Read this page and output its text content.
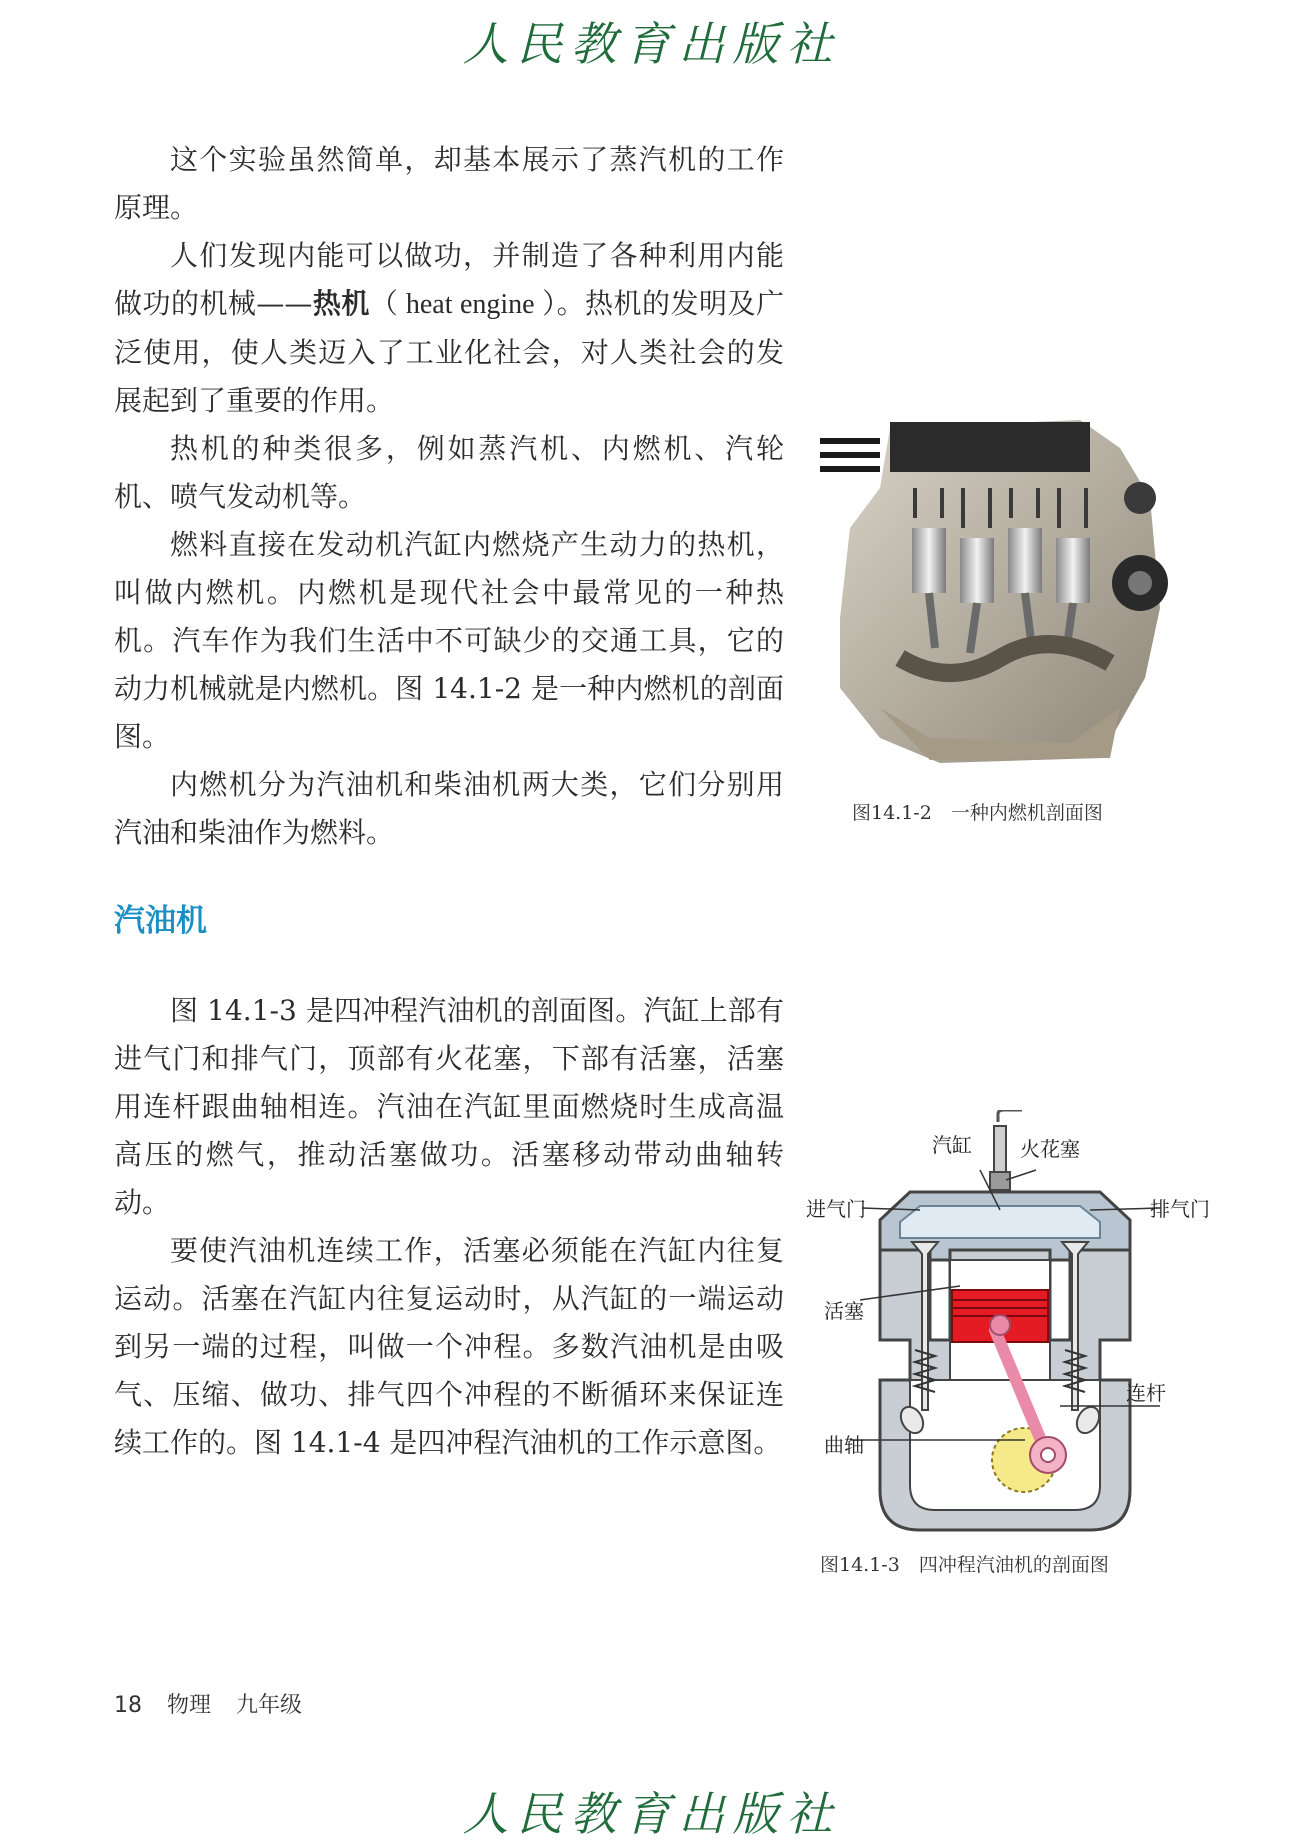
人民教育出版社

这个实验虽然简单，却基本展示了蒸汽机的工作原理。

人们发现内能可以做功，并制造了各种利用内能做功的机械——热机（ heat engine ）。热机的发明及广泛使用，使人类迈入了工业化社会，对人类社会的发展起到了重要的作用。

热机的种类很多，例如蒸汽机、内燃机、汽轮机、喷气发动机等。

燃料直接在发动机汽缸内燃烧产生动力的热机，叫做内燃机。内燃机是现代社会中最常见的一种热机。汽车作为我们生活中不可缺少的交通工具，它的动力机械就是内燃机。图 14.1-2 是一种内燃机的剖面图。

内燃机分为汽油机和柴油机两大类，它们分别用汽油和柴油作为燃料。

图14.1-2　一种内燃机剖面图
汽油机

图 14.1-3 是四冲程汽油机的剖面图。汽缸上部有进气门和排气门，顶部有火花塞，下部有活塞，活塞用连杆跟曲轴相连。汽油在汽缸里面燃烧时生成高温高压的燃气，推动活塞做功。活塞移动带动曲轴转动。

要使汽油机连续工作，活塞必须能在汽缸内往复运动。活塞在汽缸内往复运动时，从汽缸的一端运动到另一端的过程，叫做一个冲程。多数汽油机是由吸气、压缩、做功、排气四个冲程的不断循环来保证连续工作的。图 14.1-4 是四冲程汽油机的工作示意图。

汽缸 火花塞
进气门	排气门
活塞
连杆
曲轴
图14.1-3　四冲程汽油机的剖面图
18 物理 九年级
人民教育出版社
